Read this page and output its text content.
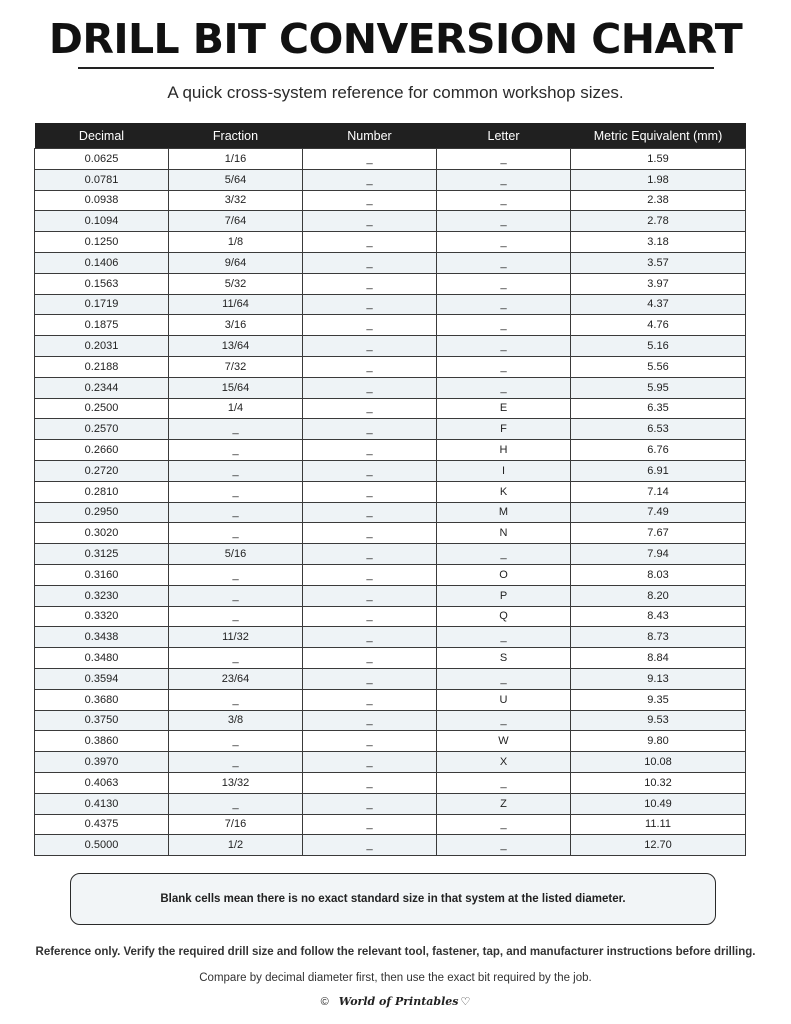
DRILL BIT CONVERSION CHART
A quick cross-system reference for common workshop sizes.
Decimal	Fraction	Number	Letter	Metric Equivalent (mm)
0.0625	1/16	_	_	1.59
0.0781	5/64	_	_	1.98
0.0938	3/32	_	_	2.38
0.1094	7/64	_	_	2.78
0.1250	1/8	_	_	3.18
0.1406	9/64	_	_	3.57
0.1563	5/32	_	_	3.97
0.1719	11/64	_	_	4.37
0.1875	3/16	_	_	4.76
0.2031	13/64	_	_	5.16
0.2188	7/32	_	_	5.56
0.2344	15/64	_	_	5.95
0.2500	1/4	_	E	6.35
0.2570	_	_	F	6.53
0.2660	_	_	H	6.76
0.2720	_	_	I	6.91
0.2810	_	_	K	7.14
0.2950	_	_	M	7.49
0.3020	_	_	N	7.67
0.3125	5/16	_	_	7.94
0.3160	_	_	O	8.03
0.3230	_	_	P	8.20
0.3320	_	_	Q	8.43
0.3438	11/32	_	_	8.73
0.3480	_	_	S	8.84
0.3594	23/64	_	_	9.13
0.3680	_	_	U	9.35
0.3750	3/8	_	_	9.53
0.3860	_	_	W	9.80
0.3970	_	_	X	10.08
0.4063	13/32	_	_	10.32
0.4130	_	_	Z	10.49
0.4375	7/16	_	_	11.11
0.5000	1/2	_	_	12.70
Blank cells mean there is no exact standard size in that system at the listed diameter.
Reference only. Verify the required drill size and follow the relevant tool, fastener, tap, and manufacturer instructions before drilling.
Compare by decimal diameter first, then use the exact bit required by the job.
© World of Printables ♡
